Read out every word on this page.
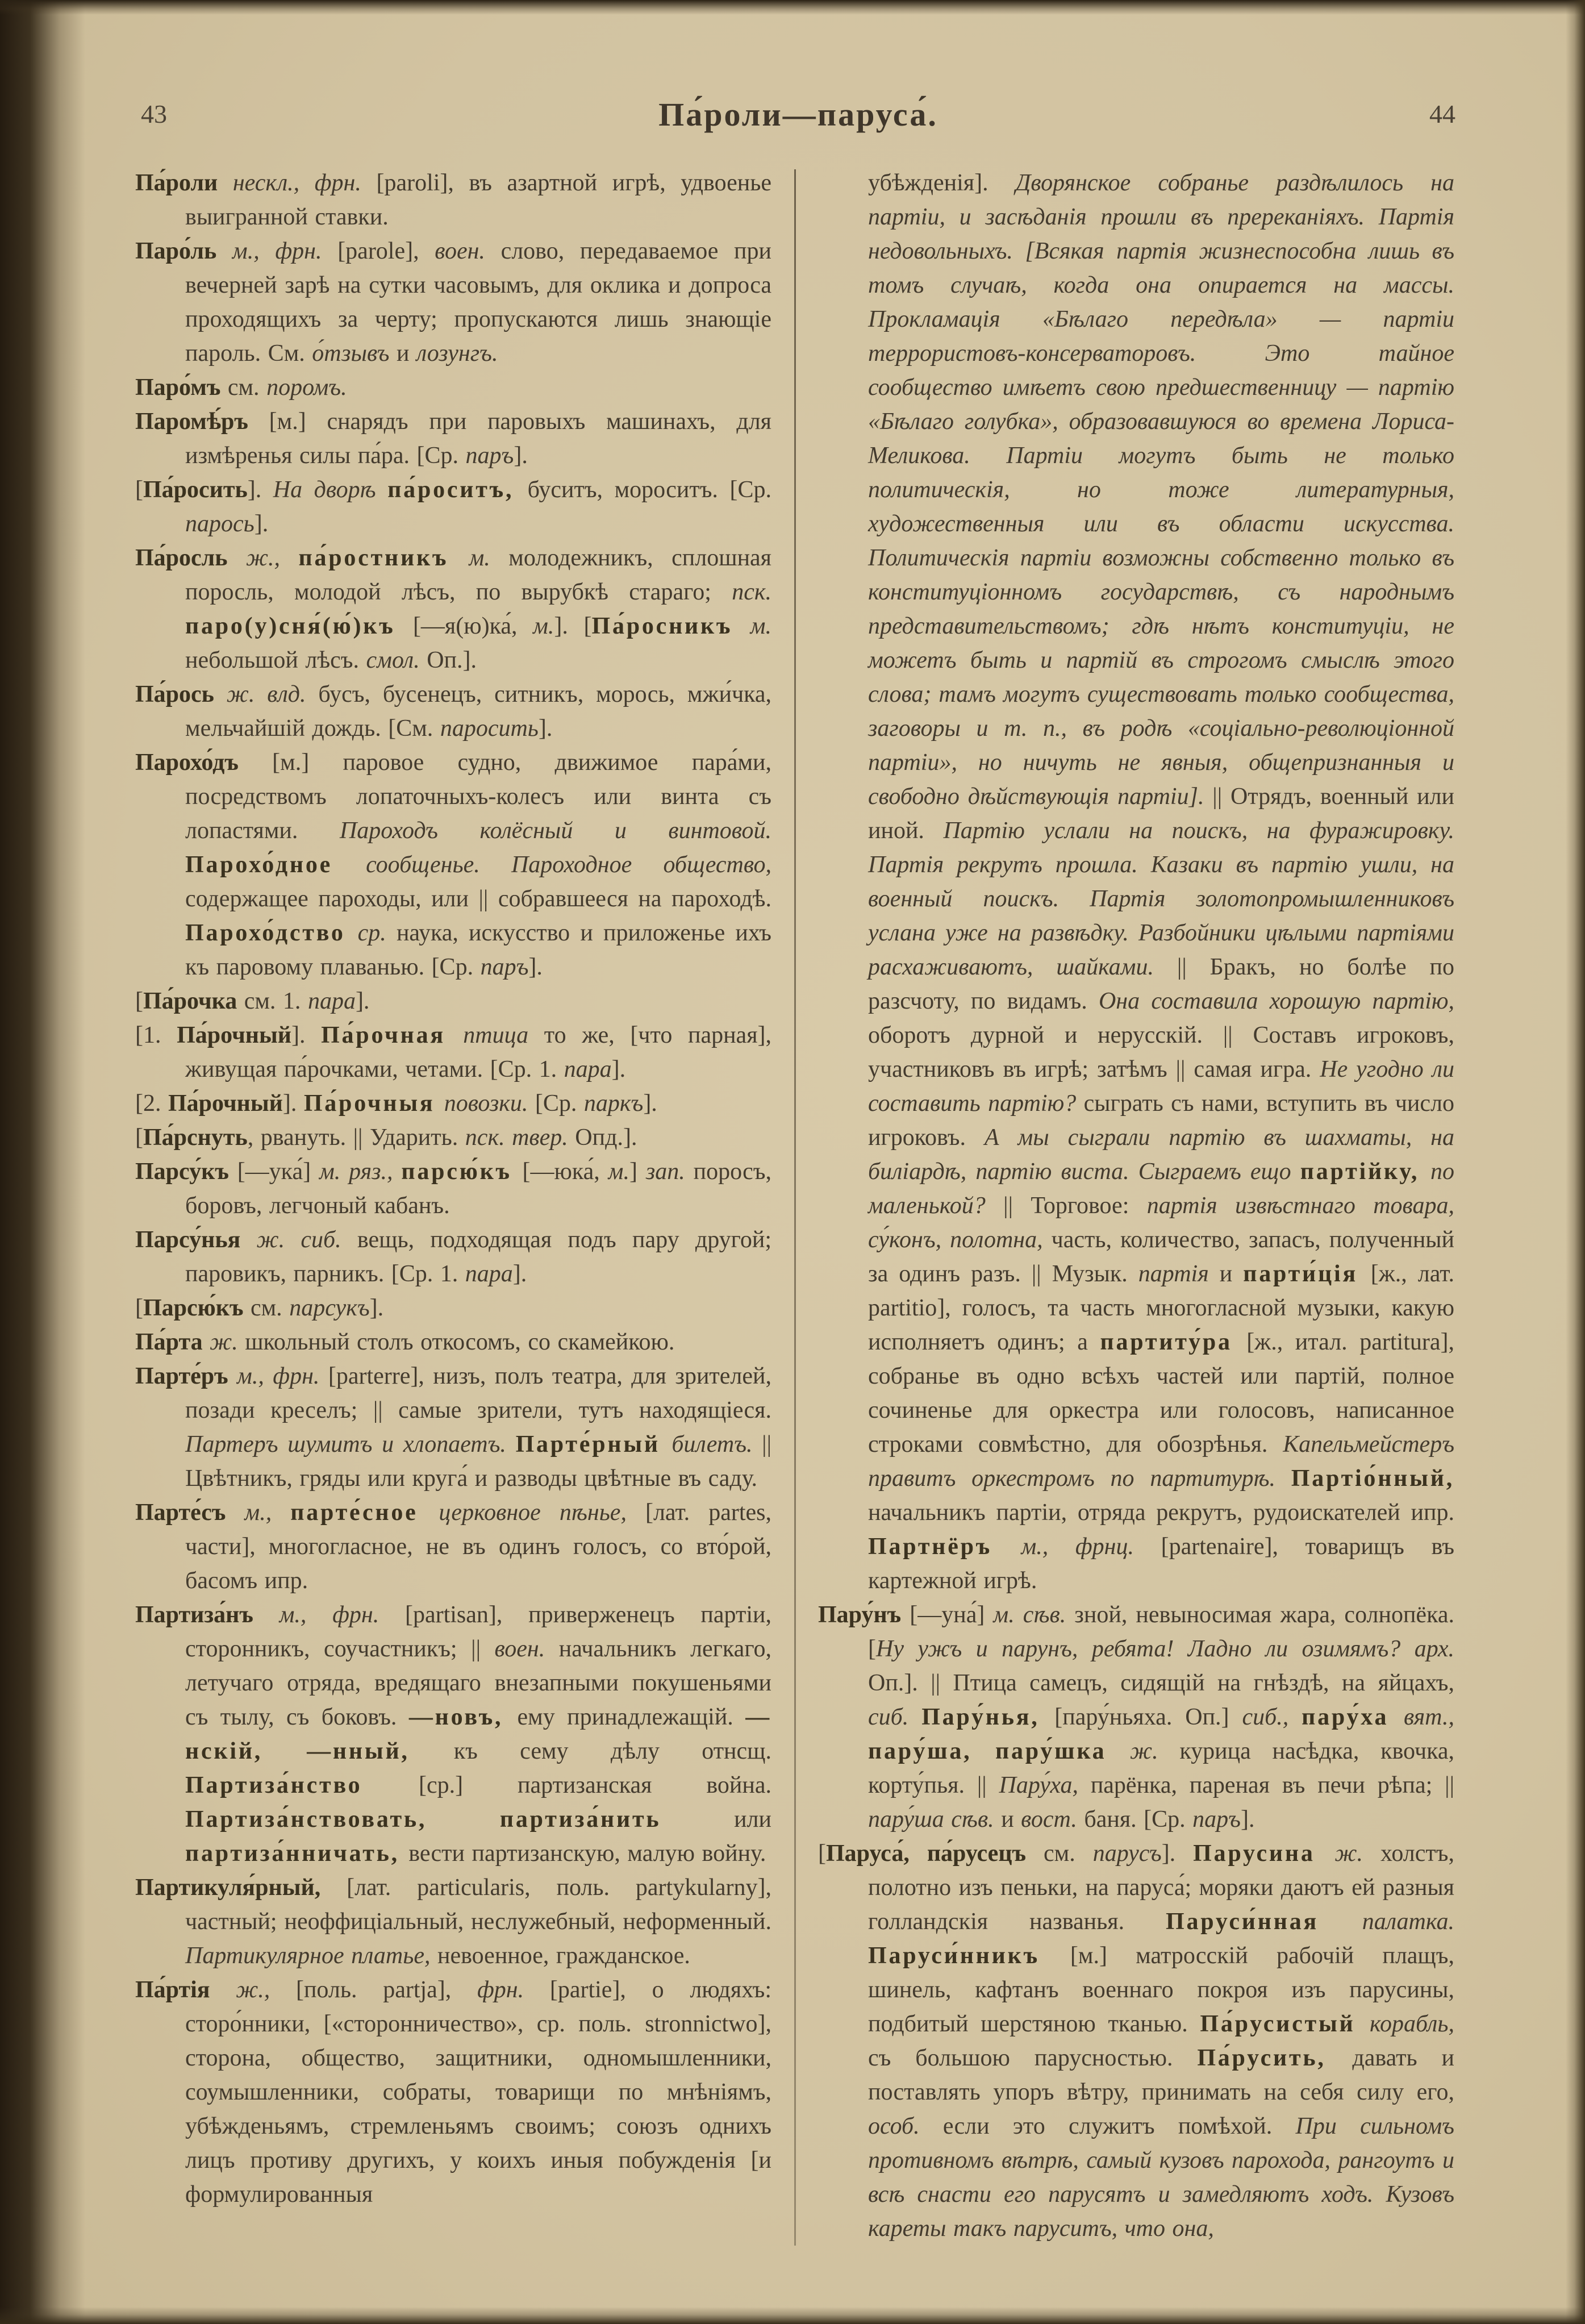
43	Па́роли—паруса́.	44

Па́роли нескл., фрн. [paroli], въ азартной игрѣ, удвоенье выигранной ставки.

Паро́ль м., фрн. [parole], воен. слово, передаваемое при вечерней зарѣ на сутки часовымъ, для оклика и допроса проходящихъ за черту; пропускаются лишь знающіе пароль. См. о́тзывъ и лозунгъ.

Паро́мъ см. поромъ.

Паромѣ́ръ [м.] снарядъ при паровыхъ машинахъ, для измѣренья силы па́ра. [Ср. паръ].

[Па́росить]. На дворѣ па́роситъ, буситъ, мороситъ. [Ср. парось].

Па́росль ж., па́ростникъ м. молодежникъ, сплошная поросль, молодой лѣсъ, по вырубкѣ стараго; пск. паро(у)сня́(ю́)къ [—я(ю)ка́, м.]. [Па́росникъ м. небольшой лѣсъ. смол. Оп.].

Па́рось ж. влд. бусъ, бусенецъ, ситникъ, морось, мжи́чка, мельчайшій дождь. [См. паросить].

Парохо́дъ [м.] паровое судно, движимое пара́ми, посредствомъ лопаточныхъ-колесъ или винта съ лопастями. Пароходъ колёсный и винтовой. Парохо́дное сообщенье. Пароходное общество, содержащее пароходы, или || собравшееся на пароходѣ. Парохо́дство ср. наука, искусство и приложенье ихъ къ паровому плаванью. [Ср. паръ].

[Па́рочка см. 1. пара].

[1. Па́рочный]. Па́рочная птица то же, [что парная], живущая па́рочками, четами. [Ср. 1. пара].

[2. Па́рочный]. Па́рочныя повозки. [Ср. паркъ].

[Па́рснуть, рвануть. || Ударить. пск. твер. Опд.].

Парсу́къ [—ука́] м. ряз., парсю́къ [—юка́, м.] зап. поросъ, боровъ, легчоный кабанъ.

Парсу́нья ж. сиб. вещь, подходящая подъ пару другой; паровикъ, парникъ. [Ср. 1. пара].

[Парсю́къ см. парсукъ].

Па́рта ж. школьный столъ откосомъ, со скамейкою.

Парте́ръ м., фрн. [parterre], низъ, полъ театра, для зрителей, позади креселъ; || самые зрители, тутъ находящіеся. Партеръ шумитъ и хлопаетъ. Парте́рный билетъ. || Цвѣтникъ, гряды или круга́ и разводы цвѣтные въ саду.

Парте́съ м., парте́сное церковное пѣнье, [лат. partes, части], многогласное, не въ одинъ голосъ, со вто́рой, басомъ ипр.

Партиза́нъ м., фрн. [partisan], приверженецъ партіи, сторонникъ, соучастникъ; || воен. начальникъ легкаго, летучаго отряда, вредящаго внезапными покушеньями съ тылу, съ боковъ. —новъ, ему принадлежащій. —нскій, —нный, къ сему дѣлу отнсщ. Партиза́нство [ср.] партизанская война. Партиза́нствовать, партиза́нить или партиза́нничать, вести партизанскую, малую войну.

Партикуля́рный, [лат. particularis, поль. partykularny], частный; неоффиціальный, неслужебный, неформенный. Партикулярное платье, невоенное, гражданское.

Па́ртія ж., [поль. partja], фрн. [partie], о людяхъ: сторо́нники, [«сторонничество», ср. поль. stronnictwo], сторона, общество, защитники, одномышленники, соумышленники, собраты, товарищи по мнѣніямъ, убѣжденьямъ, стремленьямъ своимъ; союзъ однихъ лицъ противу другихъ, у коихъ иныя побужденія [и формулированныя

убѣжденія]. Дворянское собранье раздѣлилось на партіи, и засѣданія прошли въ пререканіяхъ. Партія недовольныхъ. [Всякая партія жизнеспособна лишь въ томъ случаѣ, когда она опирается на массы. Прокламація «Бѣлаго передѣла» — партіи террористовъ-консерваторовъ. Это тайное сообщество имѣетъ свою предшественницу — партію «Бѣлаго голубка», образовавшуюся во времена Лориса-Меликова. Партіи могутъ быть не только политическія, но тоже литературныя, художественныя или въ области искусства. Политическія партіи возможны собственно только въ конституціонномъ государствѣ, съ народнымъ представительствомъ; гдѣ нѣтъ конституціи, не можетъ быть и партій въ строгомъ смыслѣ этого слова; тамъ могутъ существовать только сообщества, заговоры и т. п., въ родѣ «соціально-революціонной партіи», но ничуть не явныя, общепризнанныя и свободно дѣйствующія партіи]. || Отрядъ, военный или иной. Партію услали на поискъ, на фуражировку. Партія рекрутъ прошла. Казаки въ партію ушли, на военный поискъ. Партія золотопромышленниковъ услана уже на развѣдку. Разбойники цѣлыми партіями расхаживаютъ, шайками. || Бракъ, но болѣе по разсчоту, по видамъ. Она составила хорошую партію, оборотъ дурной и нерусскій. || Составъ игроковъ, участниковъ въ игрѣ; затѣмъ || самая игра. Не угодно ли составить партію? сыграть съ нами, вступить въ число игроковъ. А мы сыграли партію въ шахматы, на биліардѣ, партію виста. Сыграемъ ещо партійку, по маленькой? || Торговое: партія извѣстнаго товара, су́конъ, полотна, часть, количество, запасъ, полученный за одинъ разъ. || Музык. партія и парти́ція [ж., лат. partitio], голосъ, та часть многогласной музыки, какую исполняетъ одинъ; а партиту́ра [ж., итал. partitura], собранье въ одно всѣхъ частей или партій, полное сочиненье для оркестра или голосовъ, написанное строками совмѣстно, для обозрѣнья. Капельмейстеръ правитъ оркестромъ по партитурѣ. Партіо́нный, начальникъ партіи, отряда рекрутъ, рудоискателей ипр. Партнёръ м., фрнц. [partenaire], товарищъ въ картежной игрѣ.

Пару́нъ [—уна́] м. сѣв. зной, невыносимая жара, солнопёка. [Ну ужъ и парунъ, ребята! Ладно ли озимямъ? арх. Оп.]. || Птица самецъ, сидящій на гнѣздѣ, на яйцахъ, сиб. Пару́нья, [пару́ньяха. Оп.] сиб., пару́ха вят., пару́ша, пару́шка ж. курица насѣдка, квочка, корту́пья. || Пару́ха, парёнка, пареная въ печи рѣпа; || пару́ша сѣв. и вост. баня. [Ср. паръ].

[Паруса́, па́русецъ см. парусъ]. Парусина ж. холстъ, полотно изъ пеньки, на паруса́; моряки даютъ ей разныя голландскія названья. Паруси́нная палатка. Паруси́нникъ [м.] матросскій рабочій плащъ, шинель, кафтанъ военнаго покроя изъ парусины, подбитый шерстяною тканью. Па́русистый корабль, съ большою парусностью. Па́русить, давать и поставлять упоръ вѣтру, принимать на себя силу его, особ. если это служитъ помѣхой. При сильномъ противномъ вѣтрѣ, самый кузовъ парохода, рангоутъ и всѣ снасти его парусятъ и замедляютъ ходъ. Кузовъ кареты такъ паруситъ, что она,
